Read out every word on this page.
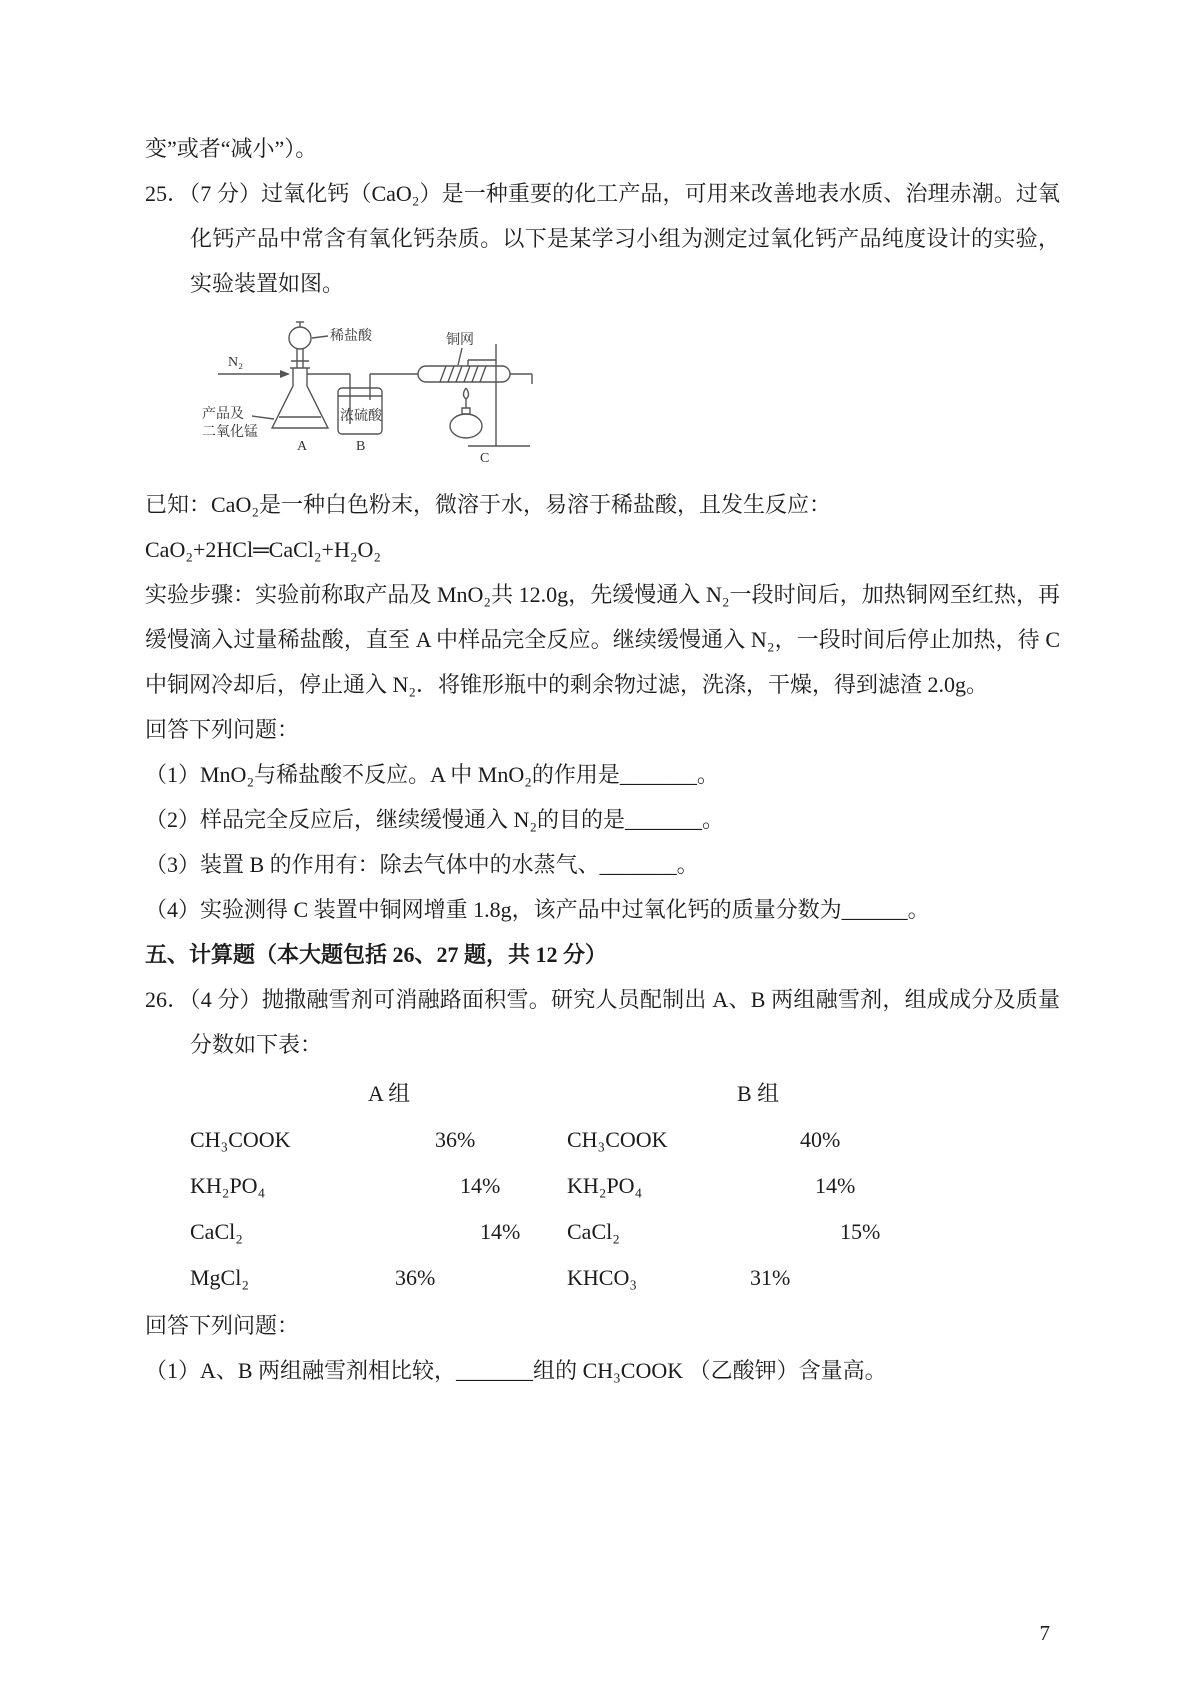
变”或者“减小”）。

25．（7 分）过氧化钙（CaO₂）是一种重要的化工产品，可用来改善地表水质、治理赤潮。过氧化钙产品中常含有氧化钙杂质。以下是某学习小组为测定过氧化钙产品纯度设计的实验，实验装置如图。

N₂
稀盐酸	铜网
产品及
二氧化锰
浓硫酸
A	B
C

已知：CaO₂是一种白色粉末，微溶于水，易溶于稀盐酸，且发生反应：

CaO₂+2HCl═CaCl₂+H₂O₂

实验步骤：实验前称取产品及 MnO₂共 12.0g，先缓慢通入 N₂一段时间后，加热铜网至红热，再缓慢滴入过量稀盐酸，直至 A 中样品完全反应。继续缓慢通入 N₂，一段时间后停止加热，待 C 中铜网冷却后，停止通入 N₂．将锥形瓶中的剩余物过滤，洗涤，干燥，得到滤渣 2.0g。

回答下列问题：

（1）MnO₂与稀盐酸不反应。A 中 MnO₂的作用是_______。

（2）样品完全反应后，继续缓慢通入 N₂的目的是_______。

（3）装置 B 的作用有：除去气体中的水蒸气、_______。

（4）实验测得 C 装置中铜网增重 1.8g，该产品中过氧化钙的质量分数为______。

五、计算题（本大题包括 26、27 题，共 12 分）

26．（4 分）抛撒融雪剂可消融路面积雪。研究人员配制出 A、B 两组融雪剂，组成成分及质量分数如下表：

A 组	B 组
CH₃COOK	36%	CH₃COOK	40%
KH₂PO₄	14%	KH₂PO₄	14%
CaCl₂	14% CaCl₂	15%
MgCl₂	36%	KHCO₃	31%

回答下列问题：

（1）A、B 两组融雪剂相比较，_______组的 CH₃COOK （乙酸钾）含量高。

7
